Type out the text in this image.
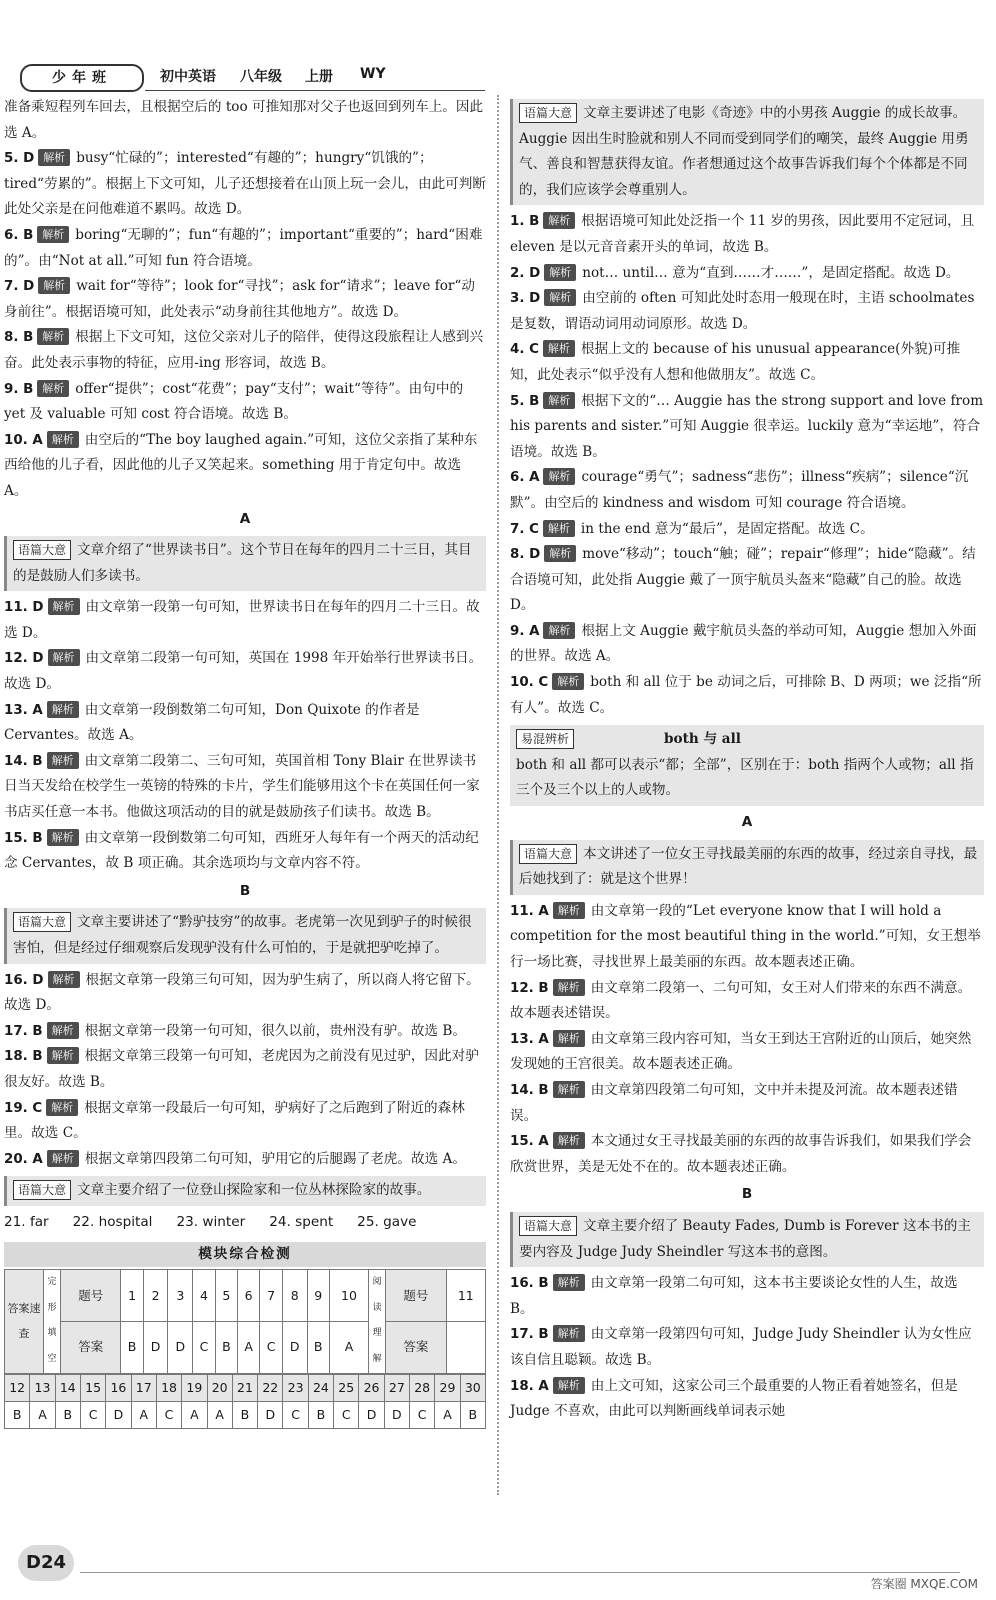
少年班	初中英语 八年级 上册 WY
准备乘短程列车回去，且根据空后的 too 可推知那对父子也返回到列车上。因此选 A。
5. D 解析 busy“忙碌的”；interested“有趣的”；hungry“饥饿的”；tired“劳累的”。根据上下文可知，儿子还想接着在山顶上玩一会儿，由此可判断此处父亲是在问他难道不累吗。故选 D。
6. B 解析 boring“无聊的”；fun“有趣的”；important“重要的”；hard“困难的”。由“Not at all.”可知 fun 符合语境。
7. D 解析 wait for“等待”；look for“寻找”；ask for“请求”；leave for“动身前往”。根据语境可知，此处表示“动身前往其他地方”。故选 D。
8. B 解析 根据上下文可知，这位父亲对儿子的陪伴，使得这段旅程让人感到兴奋。此处表示事物的特征，应用-ing 形容词，故选 B。
9. B 解析 offer“提供”；cost“花费”；pay“支付”；wait“等待”。由句中的 yet 及 valuable 可知 cost 符合语境。故选 B。
10. A 解析 由空后的“The boy laughed again.”可知，这位父亲指了某种东西给他的儿子看，因此他的儿子又笑起来。something 用于肯定句中。故选 A。
A
语篇大意 文章介绍了“世界读书日”。这个节日在每年的四月二十三日，其目的是鼓励人们多读书。
11. D 解析 由文章第一段第一句可知，世界读书日在每年的四月二十三日。故选 D。
12. D 解析 由文章第二段第一句可知，英国在 1998 年开始举行世界读书日。故选 D。
13. A 解析 由文章第一段倒数第二句可知，Don Quixote 的作者是 Cervantes。故选 A。
14. B 解析 由文章第二段第二、三句可知，英国首相 Tony Blair 在世界读书日当天发给在校学生一英镑的特殊的卡片，学生们能够用这个卡在英国任何一家书店买任意一本书。他做这项活动的目的就是鼓励孩子们读书。故选 B。
15. B 解析 由文章第一段倒数第二句可知，西班牙人每年有一个两天的活动纪念 Cervantes，故 B 项正确。其余选项均与文章内容不符。
B
语篇大意 文章主要讲述了“黔驴技穷”的故事。老虎第一次见到驴子的时候很害怕，但是经过仔细观察后发现驴没有什么可怕的，于是就把驴吃掉了。
16. D 解析 根据文章第一段第三句可知，因为驴生病了，所以商人将它留下。故选 D。
17. B 解析 根据文章第一段第一句可知，很久以前，贵州没有驴。故选 B。
18. B 解析 根据文章第三段第一句可知，老虎因为之前没有见过驴，因此对驴很友好。故选 B。
19. C 解析 根据文章第一段最后一句可知，驴病好了之后跑到了附近的森林里。故选 C。
20. A 解析 根据文章第四段第二句可知，驴用它的后腿踢了老虎。故选 A。
语篇大意 文章主要介绍了一位登山探险家和一位丛林探险家的故事。
21. far 22. hospital 23. winter 24. spent 25. gave
模块综合检测
答案速查	完形填空	题号	1	2	3	4	5	6	7	8	9	10	阅读理解	题号	11
		答案	B	D	D	C	B	A	C	D	B	A		答案	
12	13	14	15	16	17	18	19	20	21	22	23	24	25	26	27	28	29	30
B	A	B	C	D	A	C	A	A	B	D	C	B	C	D	D	C	A	B
语篇大意 文章主要讲述了电影《奇迹》中的小男孩 Auggie 的成长故事。Auggie 因出生时脸就和别人不同而受到同学们的嘲笑，最终 Auggie 用勇气、善良和智慧获得友谊。作者想通过这个故事告诉我们每个个体都是不同的，我们应该学会尊重别人。
1. B 解析 根据语境可知此处泛指一个 11 岁的男孩，因此要用不定冠词，且 eleven 是以元音音素开头的单词，故选 B。
2. D 解析 not… until… 意为“直到……才……”，是固定搭配。故选 D。
3. D 解析 由空前的 often 可知此处时态用一般现在时，主语 schoolmates 是复数，谓语动词用动词原形。故选 D。
4. C 解析 根据上文的 because of his unusual appearance(外貌)可推知，此处表示“似乎没有人想和他做朋友”。故选 C。
5. B 解析 根据下文的“… Auggie has the strong support and love from his parents and sister.”可知 Auggie 很幸运。luckily 意为“幸运地”，符合语境。故选 B。
6. A 解析 courage“勇气”；sadness“悲伤”；illness“疾病”；silence“沉默”。由空后的 kindness and wisdom 可知 courage 符合语境。
7. C 解析 in the end 意为“最后”，是固定搭配。故选 C。
8. D 解析 move“移动”；touch“触；碰”；repair“修理”；hide“隐藏”。结合语境可知，此处指 Auggie 戴了一顶宇航员头盔来“隐藏”自己的脸。故选 D。
9. A 解析 根据上文 Auggie 戴宇航员头盔的举动可知，Auggie 想加入外面的世界。故选 A。
10. C 解析 both 和 all 位于 be 动词之后，可排除 B、D 两项；we 泛指“所有人”。故选 C。
易混辨析	both 与 all
both 和 all 都可以表示“都；全部”，区别在于：both 指两个人或物；all 指三个及三个以上的人或物。
A
语篇大意 本文讲述了一位女王寻找最美丽的东西的故事，经过亲自寻找，最后她找到了：就是这个世界！
11. A 解析 由文章第一段的“Let everyone know that I will hold a competition for the most beautiful thing in the world.”可知，女王想举行一场比赛，寻找世界上最美丽的东西。故本题表述正确。
12. B 解析 由文章第二段第一、二句可知，女王对人们带来的东西不满意。故本题表述错误。
13. A 解析 由文章第三段内容可知，当女王到达王宫附近的山顶后，她突然发现她的王宫很美。故本题表述正确。
14. B 解析 由文章第四段第二句可知，文中并未提及河流。故本题表述错误。
15. A 解析 本文通过女王寻找最美丽的东西的故事告诉我们，如果我们学会欣赏世界，美是无处不在的。故本题表述正确。
B
语篇大意 文章主要介绍了 Beauty Fades, Dumb is Forever 这本书的主要内容及 Judge Judy Sheindler 写这本书的意图。
16. B 解析 由文章第一段第二句可知，这本书主要谈论女性的人生，故选 B。
17. B 解析 由文章第一段第四句可知，Judge Judy Sheindler 认为女性应该自信且聪颖。故选 B。
18. A 解析 由上文可知，这家公司三个最重要的人物正看着她签名，但是 Judge 不喜欢，由此可以判断画线单词表示她
D24
答案圈 MXQE.COM
